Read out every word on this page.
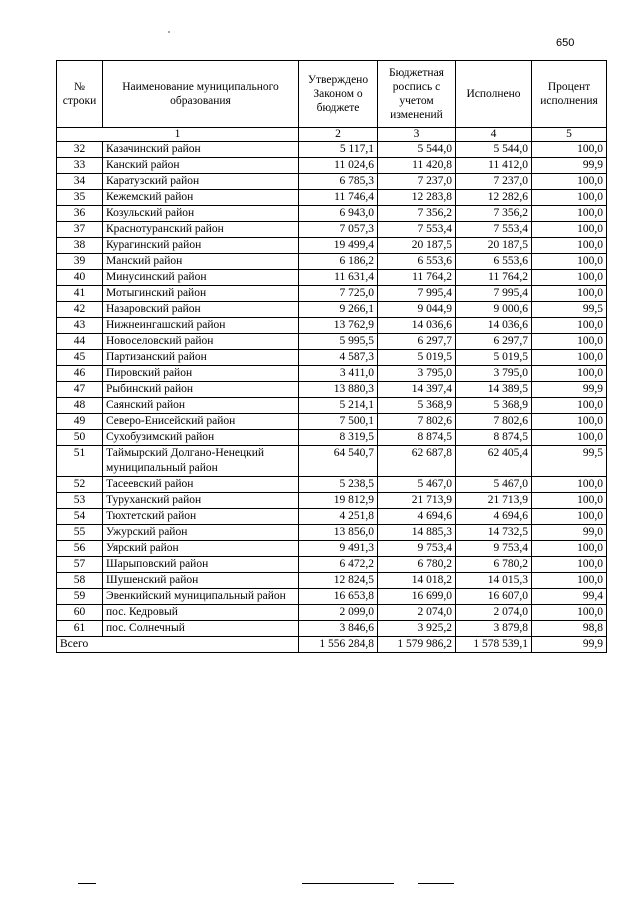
650
№ строки	Наименование муниципального образования	Утверждено Законом о бюджете	Бюджетная роспись с учетом изменений	Исполнено	Процент исполнения
1		2	3	4	5
32	Казачинский район	5 117,1	5 544,0	5 544,0	100,0
33	Канский район	11 024,6	11 420,8	11 412,0	99,9
34	Каратузский район	6 785,3	7 237,0	7 237,0	100,0
35	Кежемский район	11 746,4	12 283,8	12 282,6	100,0
36	Козульский район	6 943,0	7 356,2	7 356,2	100,0
37	Краснотуранский район	7 057,3	7 553,4	7 553,4	100,0
38	Курагинский район	19 499,4	20 187,5	20 187,5	100,0
39	Манский район	6 186,2	6 553,6	6 553,6	100,0
40	Минусинский район	11 631,4	11 764,2	11 764,2	100,0
41	Мотыгинский район	7 725,0	7 995,4	7 995,4	100,0
42	Назаровский район	9 266,1	9 044,9	9 000,6	99,5
43	Нижнеингашский район	13 762,9	14 036,6	14 036,6	100,0
44	Новоселовский район	5 995,5	6 297,7	6 297,7	100,0
45	Партизанский район	4 587,3	5 019,5	5 019,5	100,0
46	Пировский район	3 411,0	3 795,0	3 795,0	100,0
47	Рыбинский район	13 880,3	14 397,4	14 389,5	99,9
48	Саянский район	5 214,1	5 368,9	5 368,9	100,0
49	Северо-Енисейский район	7 500,1	7 802,6	7 802,6	100,0
50	Сухобузимский район	8 319,5	8 874,5	8 874,5	100,0
51	Таймырский Долгано-Ненецкий муниципальный район	64 540,7	62 687,8	62 405,4	99,5
52	Тасеевский район	5 238,5	5 467,0	5 467,0	100,0
53	Туруханский район	19 812,9	21 713,9	21 713,9	100,0
54	Тюхтетский район	4 251,8	4 694,6	4 694,6	100,0
55	Ужурский район	13 856,0	14 885,3	14 732,5	99,0
56	Уярский район	9 491,3	9 753,4	9 753,4	100,0
57	Шарыповский район	6 472,2	6 780,2	6 780,2	100,0
58	Шушенский район	12 824,5	14 018,2	14 015,3	100,0
59	Эвенкийский муниципальный район	16 653,8	16 699,0	16 607,0	99,4
60	пос. Кедровый	2 099,0	2 074,0	2 074,0	100,0
61	пос. Солнечный	3 846,6	3 925,2	3 879,8	98,8
Всего		1 556 284,8	1 579 986,2	1 578 539,1	99,9
